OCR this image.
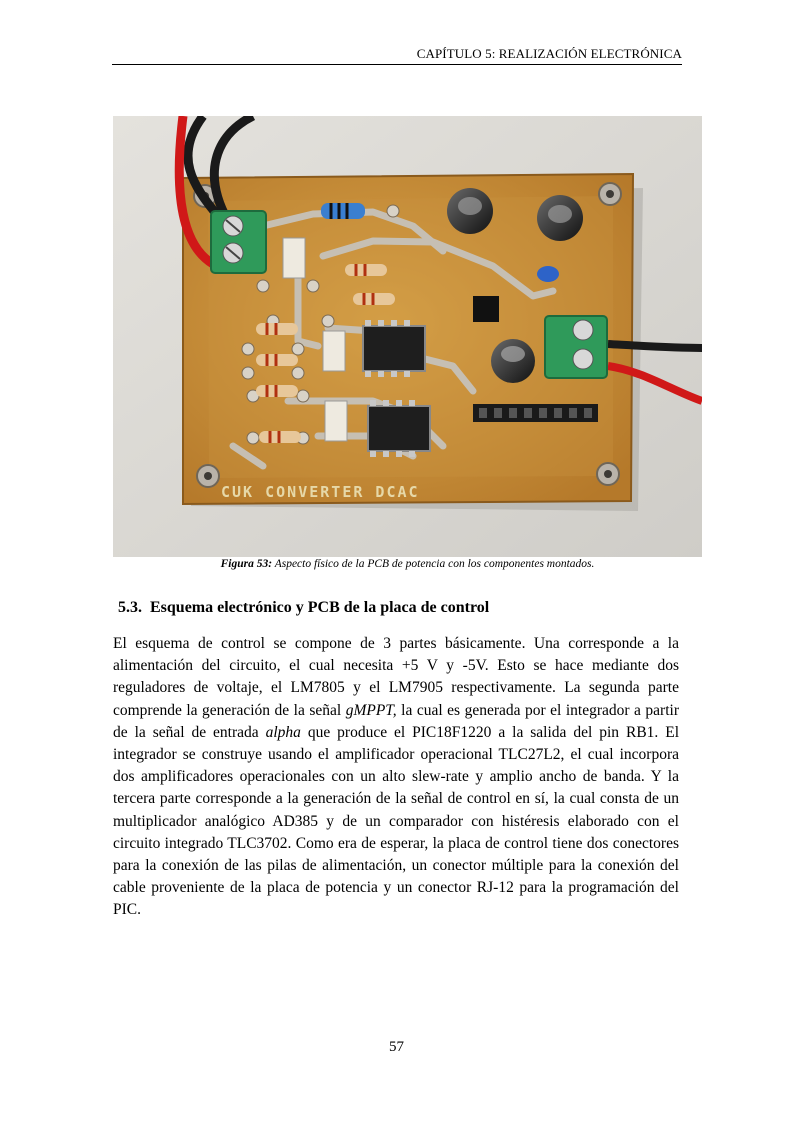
CAPÍTULO 5: REALIZACIÓN ELECTRÓNICA
CUK CONVERTER DCAC
Figura 53: Aspecto físico de la PCB de potencia con los componentes montados.
5.3. Esquema electrónico y PCB de la placa de control
El esquema de control se compone de 3 partes básicamente. Una corresponde a la alimentación del circuito, el cual necesita +5 V y -5V. Esto se hace mediante dos reguladores de voltaje, el LM7805 y el LM7905 respectivamente. La segunda parte comprende la generación de la señal gMPPT, la cual es generada por el integrador a partir de la señal de entrada alpha que produce el PIC18F1220 a la salida del pin RB1. El integrador se construye usando el amplificador operacional TLC27L2, el cual incorpora dos amplificadores operacionales con un alto slew-rate y amplio ancho de banda. Y la tercera parte corresponde a la generación de la señal de control en sí, la cual consta de un multiplicador analógico AD385 y de un comparador con histéresis elaborado con el circuito integrado TLC3702. Como era de esperar, la placa de control tiene dos conectores para la conexión de las pilas de alimentación, un conector múltiple para la conexión del cable proveniente de la placa de potencia y un conector RJ-12 para la programación del PIC.
57
